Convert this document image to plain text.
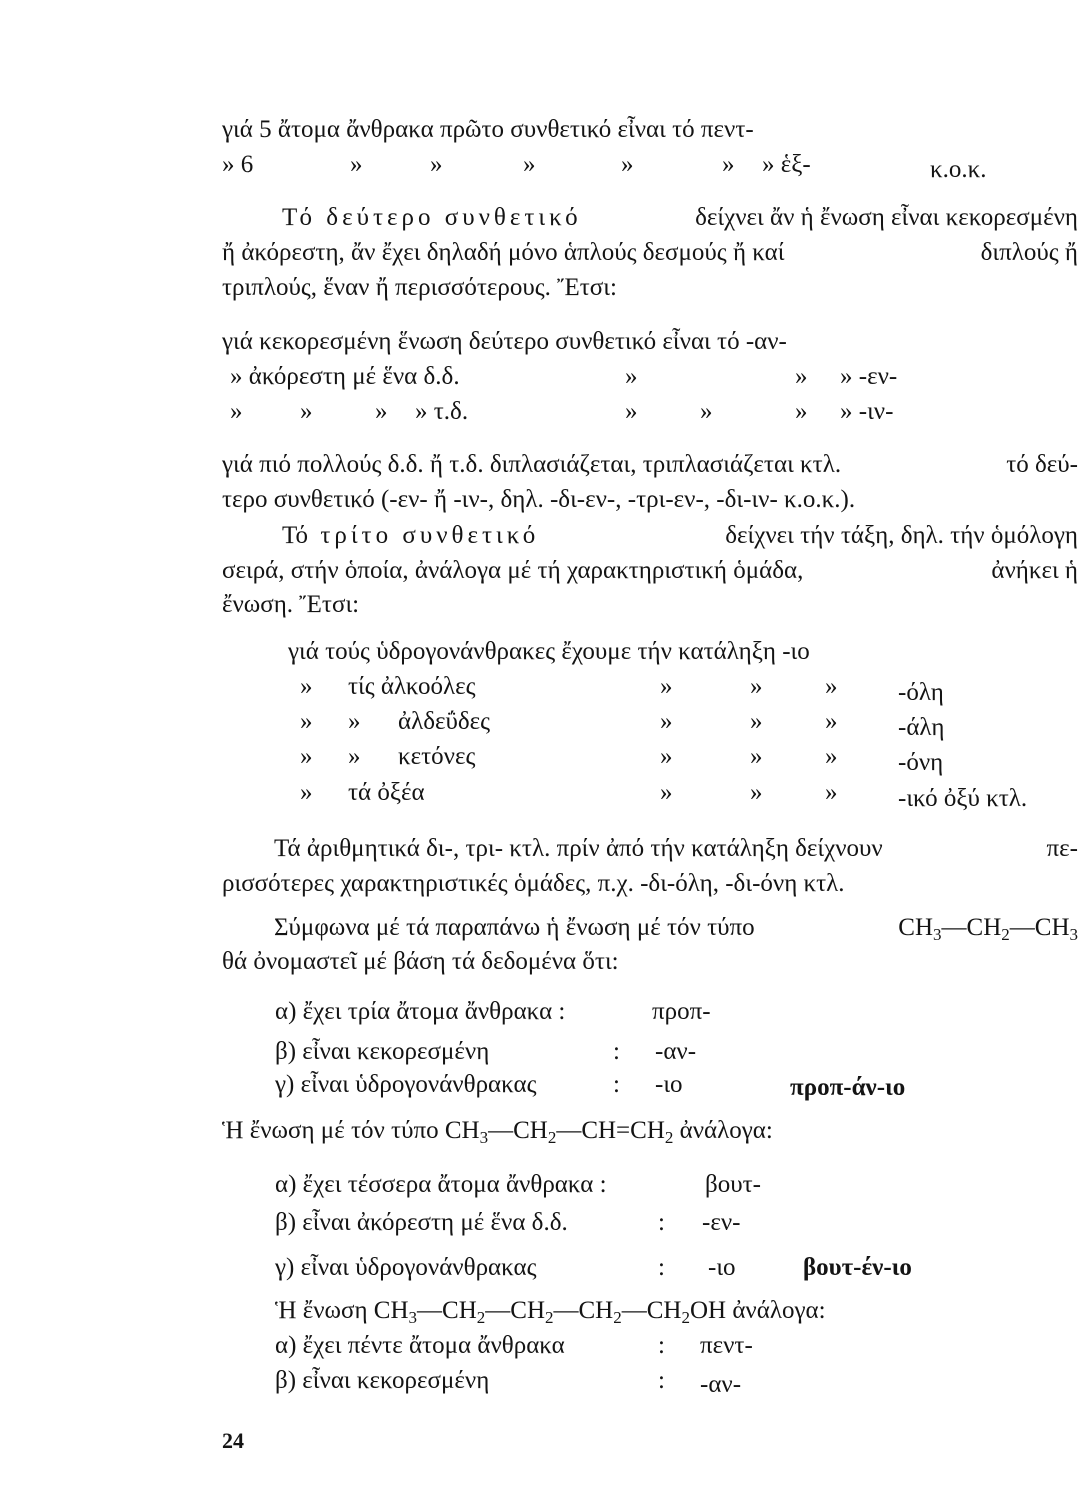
γιά 5 ἄτομα ἄνθρακα πρῶτο συνθετικό εἶναι τό πεντ-
» 6	»	»	»	»	» » ἑξ-	κ.ο.κ.
Τό δεύτερο συνθετικό	δείχνει ἄν ἡ ἔνωση εἶναι κεκορεσμένη
ἤ ἀκόρεστη, ἄν ἔχει δηλαδή μόνο ἁπλούς δεσμούς ἤ καί	διπλούς ἤ
τριπλούς, ἕναν ἤ περισσότερους. Ἔτσι:
γιά κεκορεσμένη ἕνωση δεύτερο συνθετικό εἶναι τό -αν-
» ἀκόρεστη μέ ἕνα δ.δ.	»	» » -εν-
» »	» » τ.δ.	»	»	» » -ιν-
γιά πιό πολλούς δ.δ. ἤ τ.δ. διπλασιάζεται, τριπλασιάζεται κτλ.	τό δεύ-
τερο συνθετικό (-εν- ἤ -ιν-, δηλ. -δι-εν-, -τρι-εν-, -δι-ιν- κ.ο.κ.).
Τό τρίτο συνθετικό	δείχνει τήν τάξη, δηλ. τήν ὁμόλογη
σειρά, στήν ὁποία, ἀνάλογα μέ τή χαρακτηριστική ὁμάδα,	ἀνήκει ἡ
ἔνωση. Ἔτσι:
γιά τούς ὑδρογονάνθρακες ἔχουμε τήν κατάληξη -ιο
» τίς ἀλκοόλες	»	»	» -όλη
» » ἀλδεΰδες	»	»	» -άλη
» » κετόνες	»	»	» -όνη
» τά ὀξέα	»	»	» -ικό ὀξύ κτλ.
Τά ἀριθμητικά δι-, τρι- κτλ. πρίν ἀπό τήν κατάληξη δείχνουν	πε-
ρισσότερες χαρακτηριστικές ὁμάδες, π.χ. -δι-όλη, -δι-όνη κτλ.
Σύμφωνα μέ τά παραπάνω ἡ ἔνωση μέ τόν τύπο	$CH_3—CH_2—CH_3$
θά ὀνομαστεῖ μέ βάση τά δεδομένα ὅτι:
α) ἔχει τρία ἄτομα ἄνθρακα :	προπ-
β) εἶναι κεκορεσμένη	: -αν-
γ) εἶναι ὑδρογονάνθρακας	: -ιο	προπ-άν-ιο
Ἡ ἔνωση μέ τόν τύπο $CH_3—CH_2—CH=CH_2$ ἀνάλογα:
α) ἔχει τέσσερα ἄτομα ἄνθρακα :	βουτ-
β) εἶναι ἀκόρεστη μέ ἕνα δ.δ.	: -εν-
γ) εἶναι ὑδρογονάνθρακας	: -ιο	βουτ-έν-ιο
Ἡ ἔνωση $CH_3—CH_2—CH_2—CH_2—CH_2OH$ ἀνάλογα:
α) ἔχει πέντε ἄτομα ἄνθρακα	: πεντ-
β) εἶναι κεκορεσμένη	: -αν-
24
